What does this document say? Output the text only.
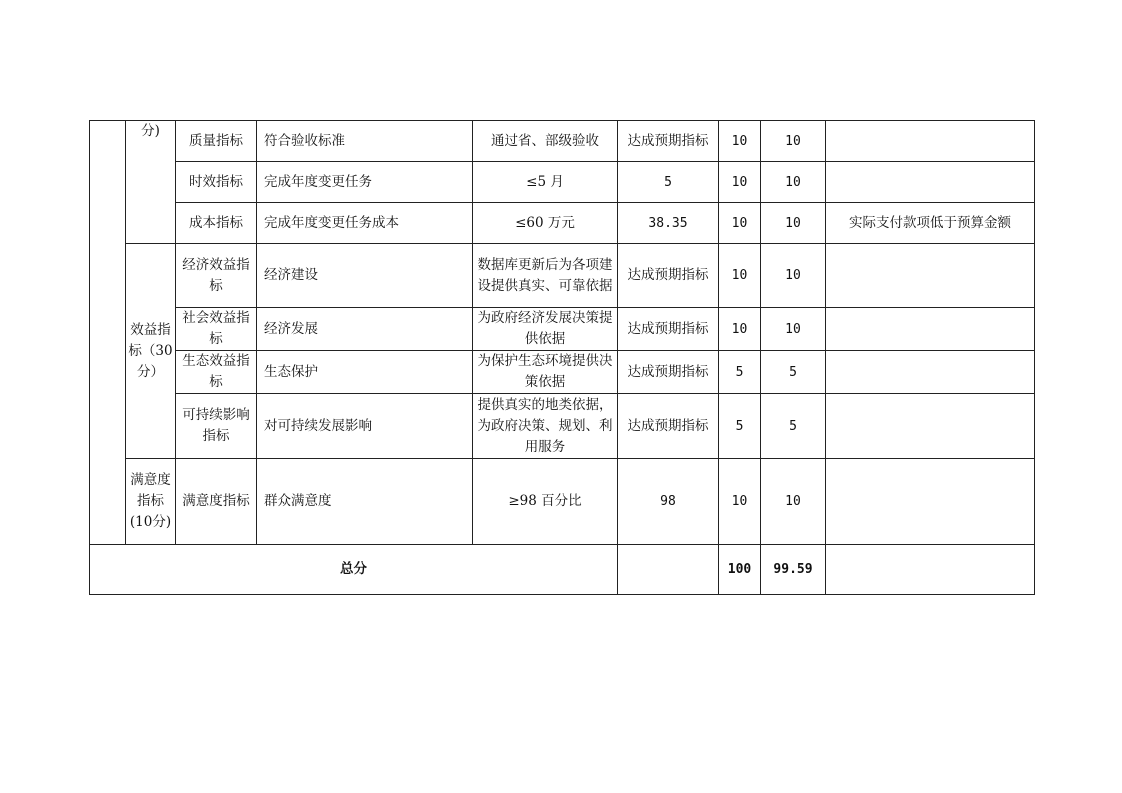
	分)	质量指标	符合验收标准	通过省、部级验收	达成预期指标	10	10	
		时效指标	完成年度变更任务	≤5 月	5	10	10	
		成本指标	完成年度变更任务成本	≤60 万元	38.35	10	10	实际支付款项低于预算金额
	效益指标（30分）	经济效益指标	经济建设	数据库更新后为各项建设提供真实、可靠依据	达成预期指标	10	10	
		社会效益指标	经济发展	为政府经济发展决策提供依据	达成预期指标	10	10	
		生态效益指标	生态保护	为保护生态环境提供决策依据	达成预期指标	5	5	
		可持续影响指标	对可持续发展影响	提供真实的地类依据，为政府决策、规划、利用服务	达成预期指标	5	5	
	满意度指标(10分)	满意度指标	群众满意度	≥98 百分比	98	10	10	
总分						100	99.59	
